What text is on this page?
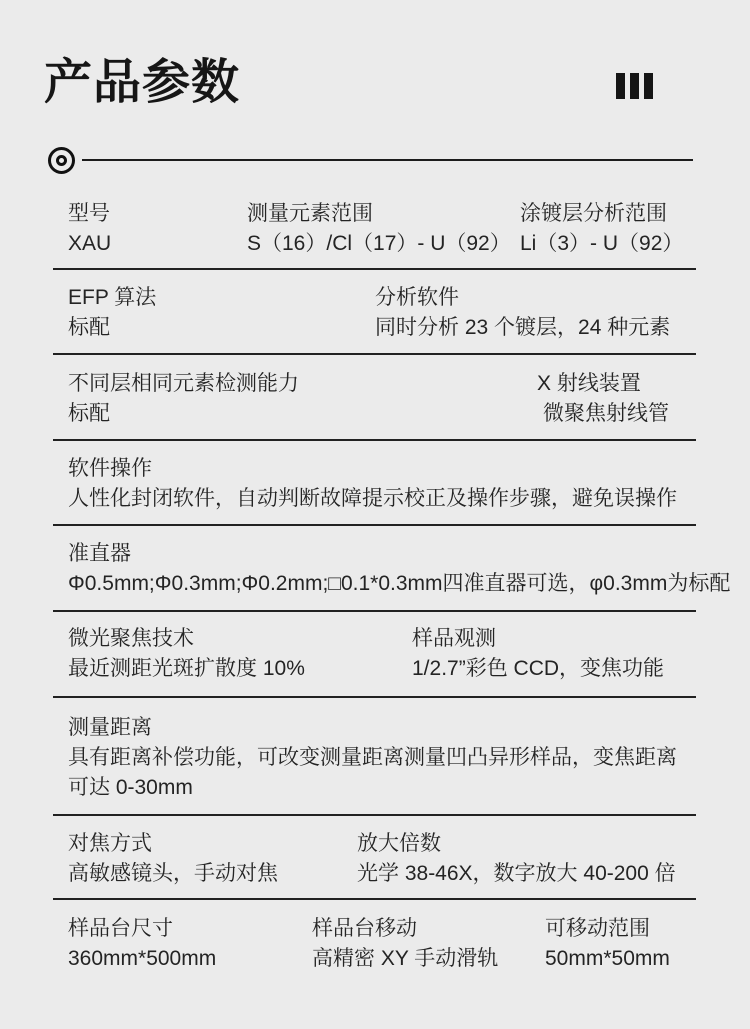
产品参数
型号
XAU
测量元素范围
S（16）/Cl（17）- U（92）
涂镀层分析范围
Li（3）- U（92）
EFP 算法
标配
分析软件
同时分析 23 个镀层，24 种元素
不同层相同元素检测能力
标配
X 射线装置
微聚焦射线管
软件操作
人性化封闭软件，自动判断故障提示校正及操作步骤，避免误操作
准直器
Φ0.5mm;Φ0.3mm;Φ0.2mm;□0.1*0.3mm四准直器可选，φ0.3mm为标配
微光聚焦技术
最近测距光斑扩散度 10%
样品观测
1/2.7”彩色 CCD，变焦功能
测量距离
具有距离补偿功能，可改变测量距离测量凹凸异形样品，变焦距离可达 0-30mm
对焦方式
高敏感镜头，手动对焦
放大倍数
光学 38-46X，数字放大 40-200 倍
样品台尺寸
360mm*500mm
样品台移动
高精密 XY 手动滑轨
可移动范围
50mm*50mm
